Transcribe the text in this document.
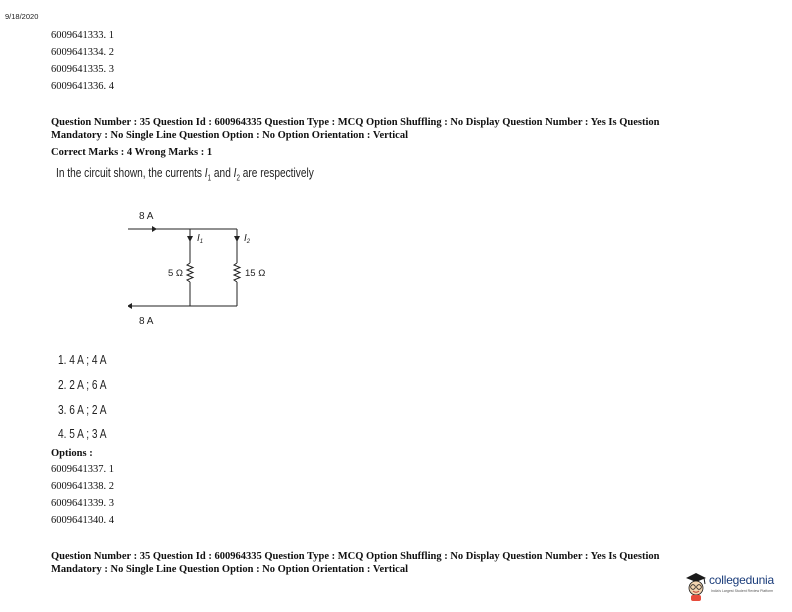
9/18/2020
6009641333. 1
6009641334. 2
6009641335. 3
6009641336. 4
Question Number : 35 Question Id : 600964335 Question Type : MCQ Option Shuffling : No Display Question Number : Yes Is Question
Mandatory : No Single Line Question Option : No Option Orientation : Vertical
Correct Marks : 4 Wrong Marks : 1
In the circuit shown, the currents $I_1$ and $I_2$ are respectively
8 A
8 A
$I_1$	$I_2$
5 Ω	15 Ω
1. 4 A ; 4 A
2. 2 A ; 6 A
3. 6 A ; 2 A
4. 5 A ; 3 A
Options :
6009641337. 1
6009641338. 2
6009641339. 3
6009641340. 4
Question Number : 35 Question Id : 600964335 Question Type : MCQ Option Shuffling : No Display Question Number : Yes Is Question
Mandatory : No Single Line Question Option : No Option Orientation : Vertical
collegedunia
India's Largest Student Review Platform
